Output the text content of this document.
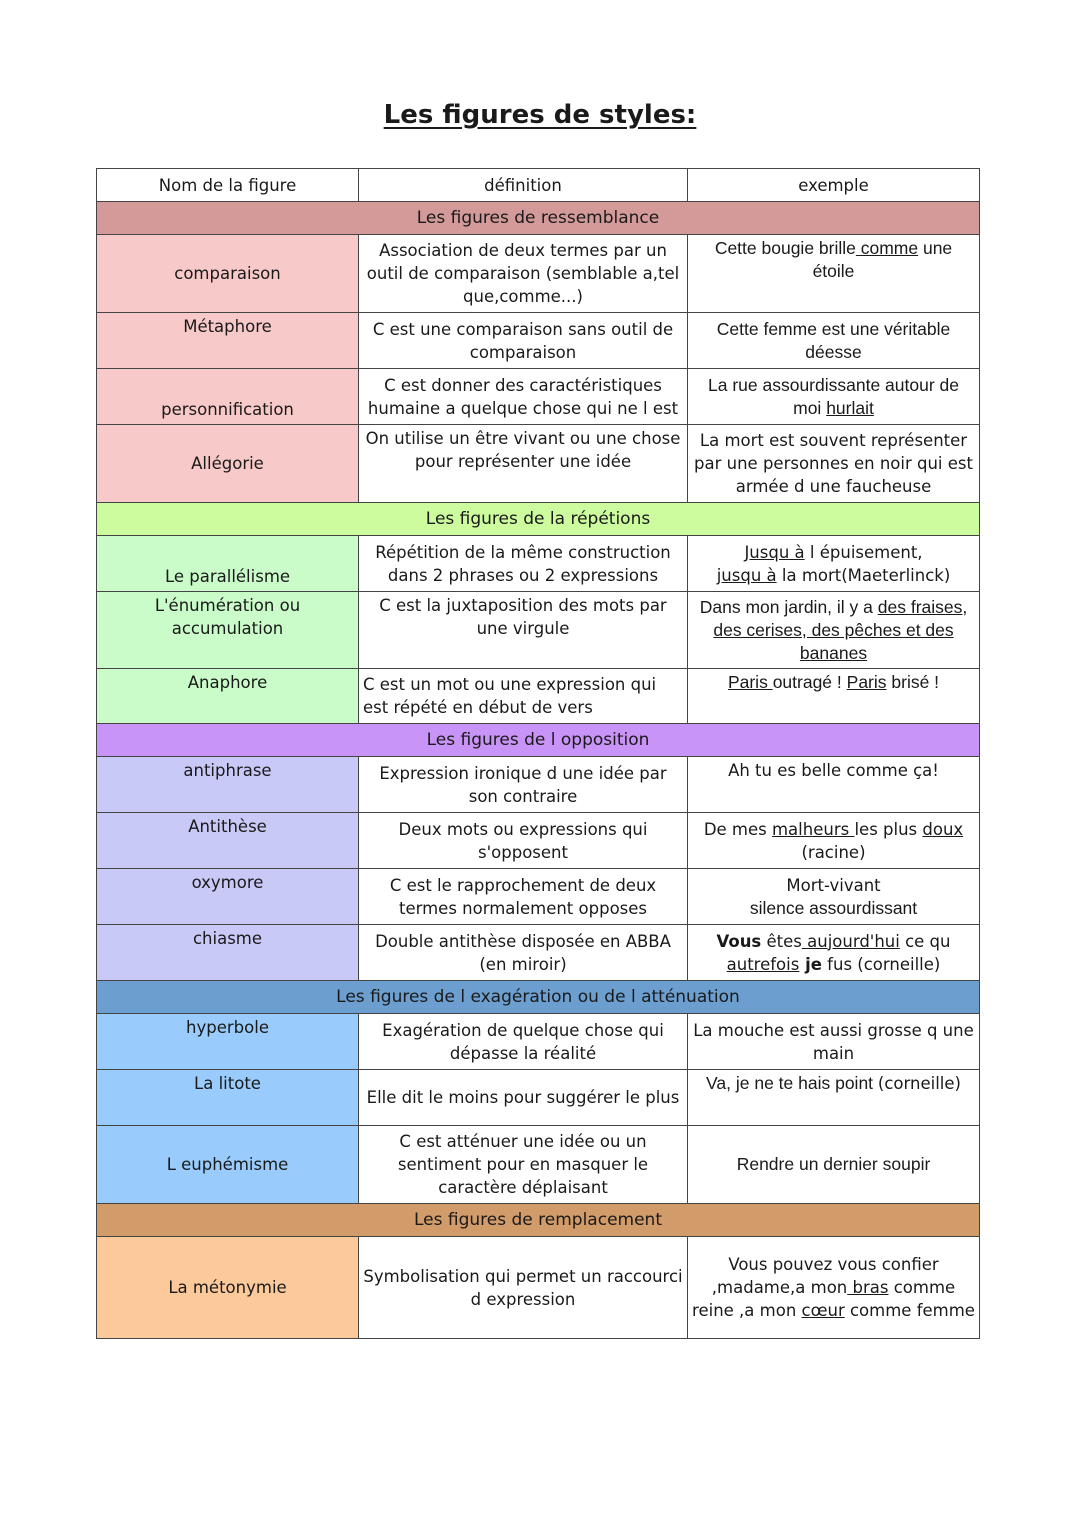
Les figures de styles:
Nom de la figure	définition	exemple
Les figures de ressemblance		
comparaison	Association de deux termes par un outil de comparaison (semblable a,tel que,comme...)	Cette bougie brille comme une étoile
Métaphore	C est une comparaison sans outil de comparaison	Cette femme est une véritable déesse
personnification	C est donner des caractéristiques humaine a quelque chose qui ne l est	La rue assourdissante autour de moi hurlait
Allégorie	On utilise un être vivant ou une chose pour représenter une idée	La mort est souvent représenter par une personnes en noir qui est armée d une faucheuse
Les figures de la répétions		
Le parallélisme	Répétition de la même construction dans 2 phrases ou 2 expressions	Jusqu à l épuisement,
jusqu à la mort(Maeterlinck)
L'énumération ou accumulation	C est la juxtaposition des mots par une virgule	Dans mon jardin, il y a des fraises, des cerises, des pêches et des bananes
Anaphore	C est un mot ou une expression qui est répété en début de vers	Paris outragé ! Paris brisé !
Les figures de l opposition		
antiphrase	Expression ironique d une idée par son contraire	Ah tu es belle comme ça!
Antithèse	Deux mots ou expressions qui s'opposent	De mes malheurs les plus doux
(racine)
oxymore	C est le rapprochement de deux termes normalement opposes	Mort-vivant
silence assourdissant
chiasme	Double antithèse disposée en ABBA (en miroir)	Vous êtes aujourd'hui ce qu
autrefois je fus (corneille)
Les figures de l exagération ou de l atténuation		
hyperbole	Exagération de quelque chose qui dépasse la réalité	La mouche est aussi grosse q une main
La litote	Elle dit le moins pour suggérer le plus	Va, je ne te hais point (corneille)
L euphémisme	C est atténuer une idée ou un sentiment pour en masquer le caractère déplaisant	Rendre un dernier soupir
Les figures de remplacement		
La métonymie	Symbolisation qui permet un raccourci d expression	Vous pouvez vous confier ,madame,a mon bras comme reine ,a mon cœur comme femme
